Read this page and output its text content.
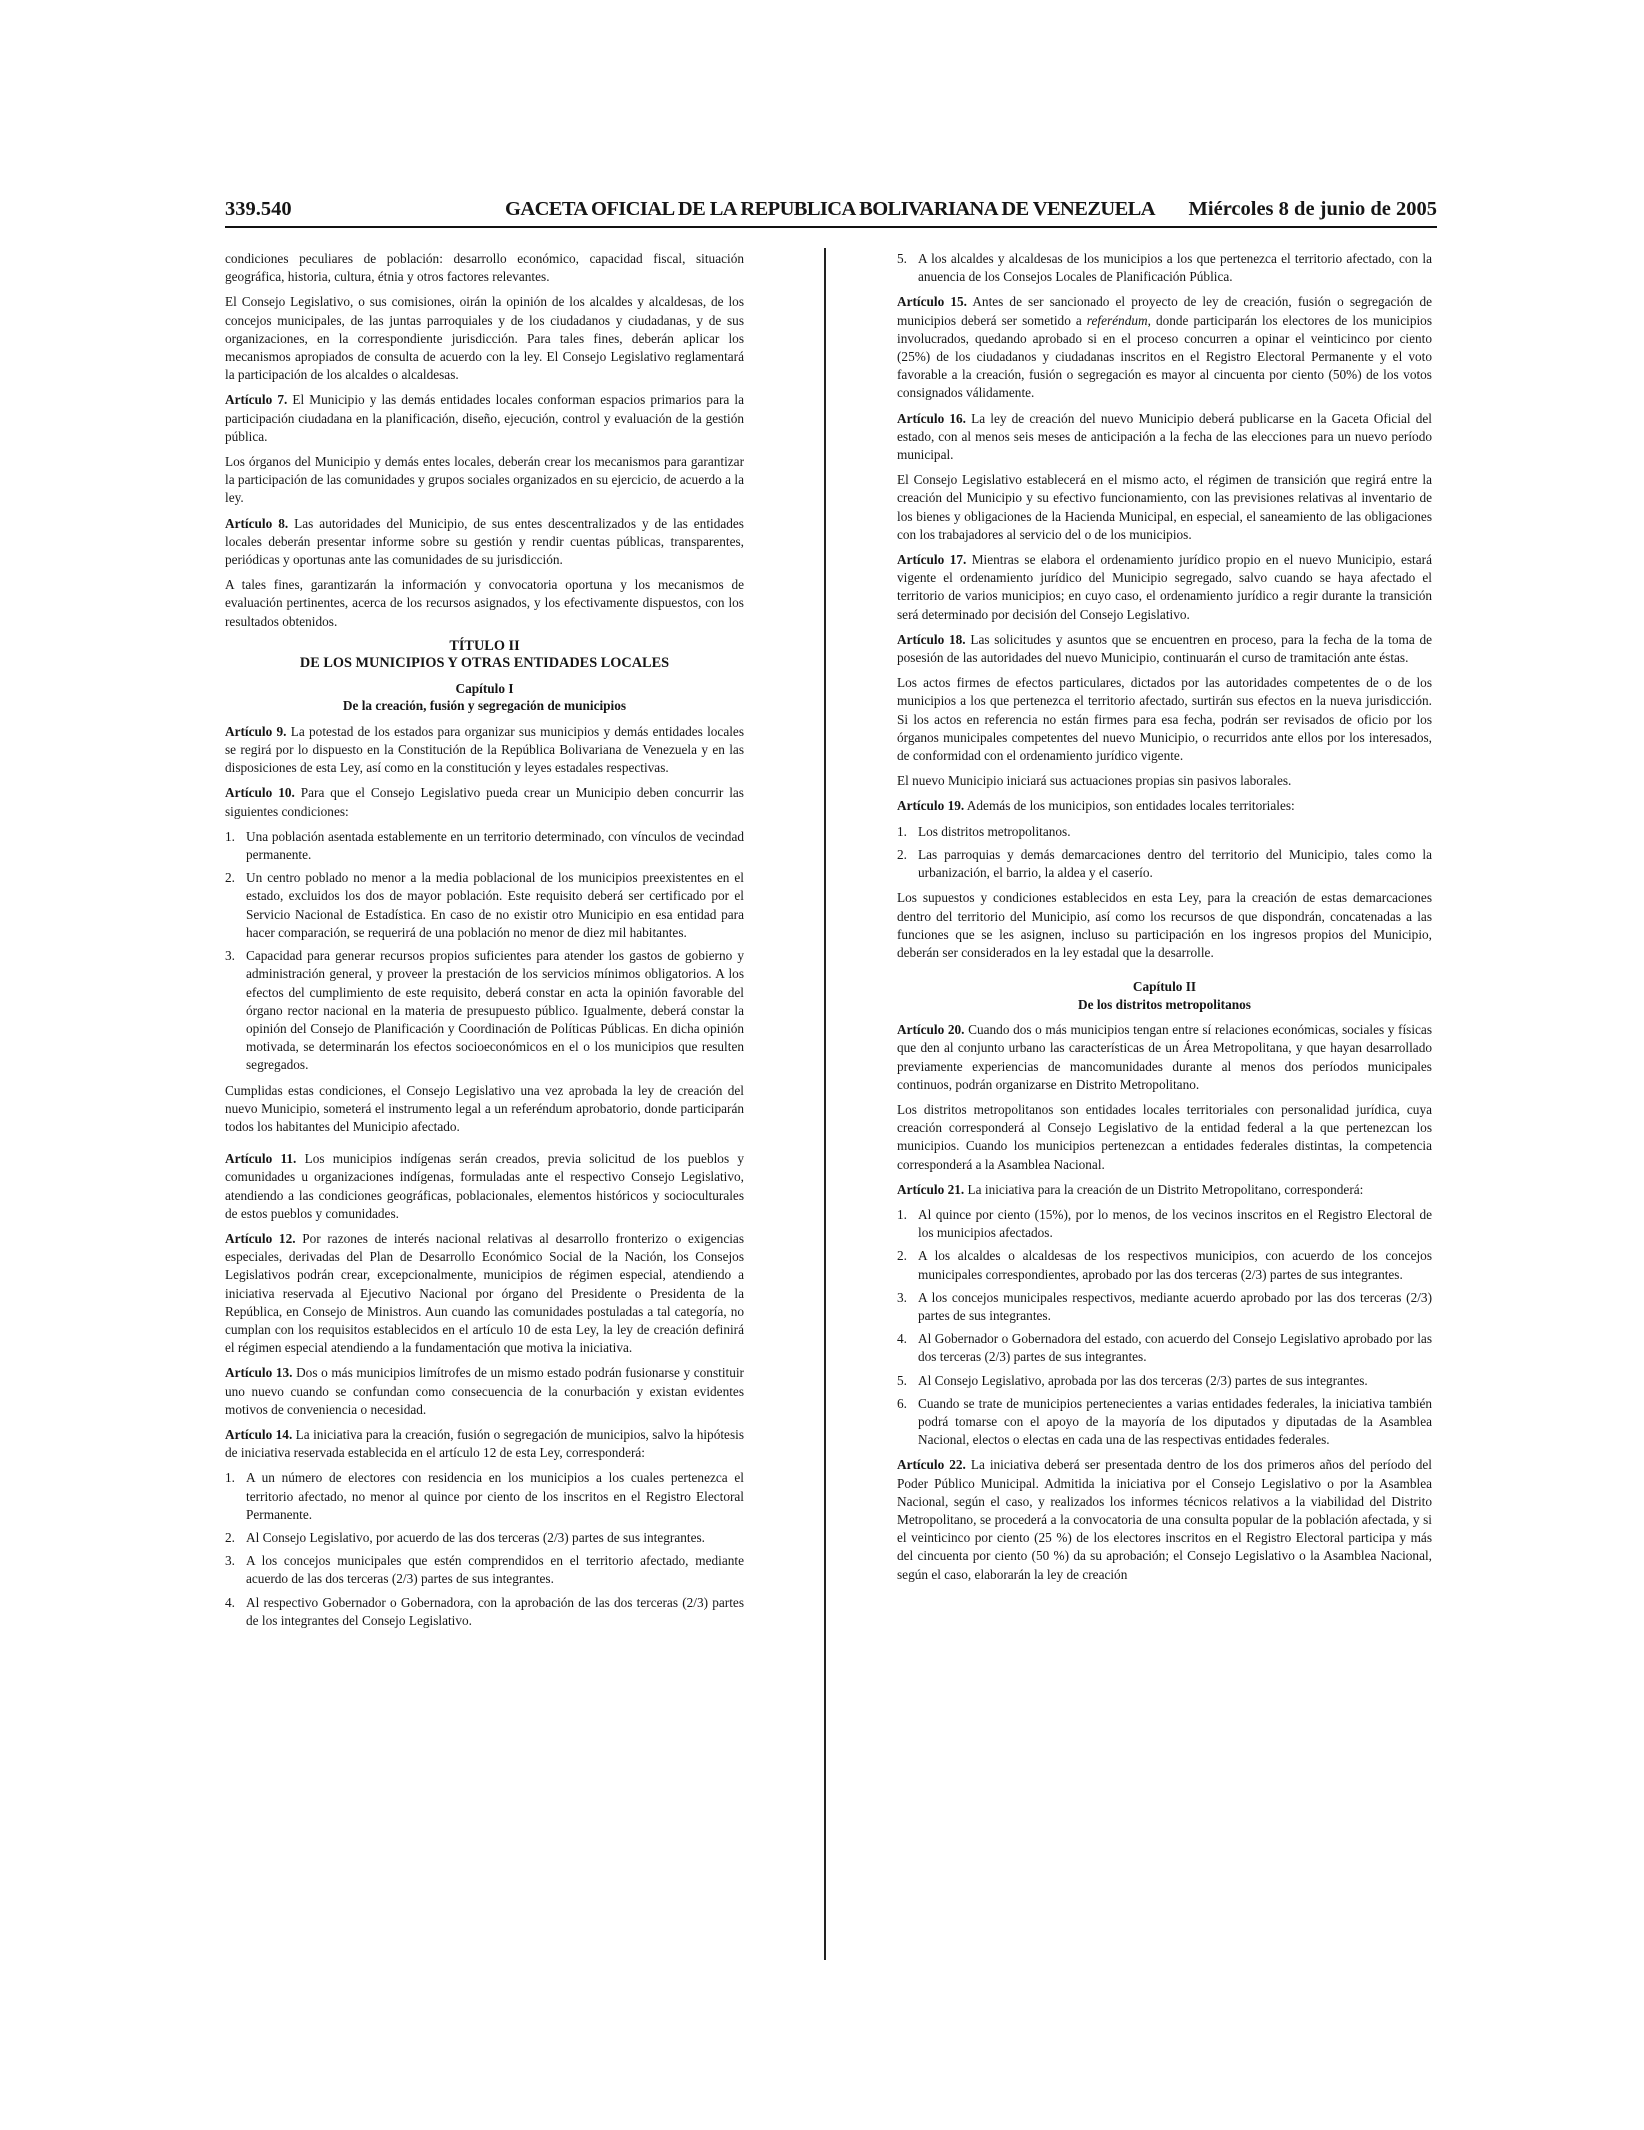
339.540	GACETA OFICIAL DE LA REPUBLICA BOLIVARIANA DE VENEZUELA	Miércoles 8 de junio de 2005

condiciones peculiares de población: desarrollo económico, capacidad fiscal, situación geográfica, historia, cultura, étnia y otros factores relevantes.

El Consejo Legislativo, o sus comisiones, oirán la opinión de los alcaldes y alcaldesas, de los concejos municipales, de las juntas parroquiales y de los ciudadanos y ciudadanas, y de sus organizaciones, en la correspondiente jurisdicción. Para tales fines, deberán aplicar los mecanismos apropiados de consulta de acuerdo con la ley. El Consejo Legislativo reglamentará la participación de los alcaldes o alcaldesas.

Artículo 7. El Municipio y las demás entidades locales conforman espacios primarios para la participación ciudadana en la planificación, diseño, ejecución, control y evaluación de la gestión pública.

Los órganos del Municipio y demás entes locales, deberán crear los mecanismos para garantizar la participación de las comunidades y grupos sociales organizados en su ejercicio, de acuerdo a la ley.

Artículo 8. Las autoridades del Municipio, de sus entes descentralizados y de las entidades locales deberán presentar informe sobre su gestión y rendir cuentas públicas, transparentes, periódicas y oportunas ante las comunidades de su jurisdicción.

A tales fines, garantizarán la información y convocatoria oportuna y los mecanismos de evaluación pertinentes, acerca de los recursos asignados, y los efectivamente dispuestos, con los resultados obtenidos.

TÍTULO II
DE LOS MUNICIPIOS Y OTRAS ENTIDADES LOCALES
Capítulo I
De la creación, fusión y segregación de municipios

Artículo 9. La potestad de los estados para organizar sus municipios y demás entidades locales se regirá por lo dispuesto en la Constitución de la República Bolivariana de Venezuela y en las disposiciones de esta Ley, así como en la constitución y leyes estadales respectivas.

Artículo 10. Para que el Consejo Legislativo pueda crear un Municipio deben concurrir las siguientes condiciones:

1. Una población asentada establemente en un territorio determinado, con vínculos de vecindad permanente.
2. Un centro poblado no menor a la media poblacional de los municipios preexistentes en el estado, excluidos los dos de mayor población. Este requisito deberá ser certificado por el Servicio Nacional de Estadística. En caso de no existir otro Municipio en esa entidad para hacer comparación, se requerirá de una población no menor de diez mil habitantes.
3. Capacidad para generar recursos propios suficientes para atender los gastos de gobierno y administración general, y proveer la prestación de los servicios mínimos obligatorios. A los efectos del cumplimiento de este requisito, deberá constar en acta la opinión favorable del órgano rector nacional en la materia de presupuesto público. Igualmente, deberá constar la opinión del Consejo de Planificación y Coordinación de Políticas Públicas. En dicha opinión motivada, se determinarán los efectos socioeconómicos en el o los municipios que resulten segregados.

Cumplidas estas condiciones, el Consejo Legislativo una vez aprobada la ley de creación del nuevo Municipio, someterá el instrumento legal a un referéndum aprobatorio, donde participarán todos los habitantes del Municipio afectado.

Artículo 11. Los municipios indígenas serán creados, previa solicitud de los pueblos y comunidades u organizaciones indígenas, formuladas ante el respectivo Consejo Legislativo, atendiendo a las condiciones geográficas, poblacionales, elementos históricos y socioculturales de estos pueblos y comunidades.

Artículo 12. Por razones de interés nacional relativas al desarrollo fronterizo o exigencias especiales, derivadas del Plan de Desarrollo Económico Social de la Nación, los Consejos Legislativos podrán crear, excepcionalmente, municipios de régimen especial, atendiendo a iniciativa reservada al Ejecutivo Nacional por órgano del Presidente o Presidenta de la República, en Consejo de Ministros. Aun cuando las comunidades postuladas a tal categoría, no cumplan con los requisitos establecidos en el artículo 10 de esta Ley, la ley de creación definirá el régimen especial atendiendo a la fundamentación que motiva la iniciativa.

Artículo 13. Dos o más municipios limítrofes de un mismo estado podrán fusionarse y constituir uno nuevo cuando se confundan como consecuencia de la conurbación y existan evidentes motivos de conveniencia o necesidad.

Artículo 14. La iniciativa para la creación, fusión o segregación de municipios, salvo la hipótesis de iniciativa reservada establecida en el artículo 12 de esta Ley, corresponderá:

1. A un número de electores con residencia en los municipios a los cuales pertenezca el territorio afectado, no menor al quince por ciento de los inscritos en el Registro Electoral Permanente.
2. Al Consejo Legislativo, por acuerdo de las dos terceras (2/3) partes de sus integrantes.
3. A los concejos municipales que estén comprendidos en el territorio afectado, mediante acuerdo de las dos terceras (2/3) partes de sus integrantes.
4. Al respectivo Gobernador o Gobernadora, con la aprobación de las dos terceras (2/3) partes de los integrantes del Consejo Legislativo.
5. A los alcaldes y alcaldesas de los municipios a los que pertenezca el territorio afectado, con la anuencia de los Consejos Locales de Planificación Pública.

Artículo 15. Antes de ser sancionado el proyecto de ley de creación, fusión o segregación de municipios deberá ser sometido a referéndum, donde participarán los electores de los municipios involucrados, quedando aprobado si en el proceso concurren a opinar el veinticinco por ciento (25%) de los ciudadanos y ciudadanas inscritos en el Registro Electoral Permanente y el voto favorable a la creación, fusión o segregación es mayor al cincuenta por ciento (50%) de los votos consignados válidamente.

Artículo 16. La ley de creación del nuevo Municipio deberá publicarse en la Gaceta Oficial del estado, con al menos seis meses de anticipación a la fecha de las elecciones para un nuevo período municipal.

El Consejo Legislativo establecerá en el mismo acto, el régimen de transición que regirá entre la creación del Municipio y su efectivo funcionamiento, con las previsiones relativas al inventario de los bienes y obligaciones de la Hacienda Municipal, en especial, el saneamiento de las obligaciones con los trabajadores al servicio del o de los municipios.

Artículo 17. Mientras se elabora el ordenamiento jurídico propio en el nuevo Municipio, estará vigente el ordenamiento jurídico del Municipio segregado, salvo cuando se haya afectado el territorio de varios municipios; en cuyo caso, el ordenamiento jurídico a regir durante la transición será determinado por decisión del Consejo Legislativo.

Artículo 18. Las solicitudes y asuntos que se encuentren en proceso, para la fecha de la toma de posesión de las autoridades del nuevo Municipio, continuarán el curso de tramitación ante éstas.

Los actos firmes de efectos particulares, dictados por las autoridades competentes de o de los municipios a los que pertenezca el territorio afectado, surtirán sus efectos en la nueva jurisdicción. Si los actos en referencia no están firmes para esa fecha, podrán ser revisados de oficio por los órganos municipales competentes del nuevo Municipio, o recurridos ante ellos por los interesados, de conformidad con el ordenamiento jurídico vigente.

El nuevo Municipio iniciará sus actuaciones propias sin pasivos laborales.

Artículo 19. Además de los municipios, son entidades locales territoriales:

1. Los distritos metropolitanos.
2. Las parroquias y demás demarcaciones dentro del territorio del Municipio, tales como la urbanización, el barrio, la aldea y el caserío.

Los supuestos y condiciones establecidos en esta Ley, para la creación de estas demarcaciones dentro del territorio del Municipio, así como los recursos de que dispondrán, concatenadas a las funciones que se les asignen, incluso su participación en los ingresos propios del Municipio, deberán ser considerados en la ley estadal que la desarrolle.

Capítulo II
De los distritos metropolitanos

Artículo 20. Cuando dos o más municipios tengan entre sí relaciones económicas, sociales y físicas que den al conjunto urbano las características de un Área Metropolitana, y que hayan desarrollado previamente experiencias de mancomunidades durante al menos dos períodos municipales continuos, podrán organizarse en Distrito Metropolitano.

Los distritos metropolitanos son entidades locales territoriales con personalidad jurídica, cuya creación corresponderá al Consejo Legislativo de la entidad federal a la que pertenezcan los municipios. Cuando los municipios pertenezcan a entidades federales distintas, la competencia corresponderá a la Asamblea Nacional.

Artículo 21. La iniciativa para la creación de un Distrito Metropolitano, corresponderá:

1. Al quince por ciento (15%), por lo menos, de los vecinos inscritos en el Registro Electoral de los municipios afectados.
2. A los alcaldes o alcaldesas de los respectivos municipios, con acuerdo de los concejos municipales correspondientes, aprobado por las dos terceras (2/3) partes de sus integrantes.
3. A los concejos municipales respectivos, mediante acuerdo aprobado por las dos terceras (2/3) partes de sus integrantes.
4. Al Gobernador o Gobernadora del estado, con acuerdo del Consejo Legislativo aprobado por las dos terceras (2/3) partes de sus integrantes.
5. Al Consejo Legislativo, aprobada por las dos terceras (2/3) partes de sus integrantes.
6. Cuando se trate de municipios pertenecientes a varias entidades federales, la iniciativa también podrá tomarse con el apoyo de la mayoría de los diputados y diputadas de la Asamblea Nacional, electos o electas en cada una de las respectivas entidades federales.

Artículo 22. La iniciativa deberá ser presentada dentro de los dos primeros años del período del Poder Público Municipal. Admitida la iniciativa por el Consejo Legislativo o por la Asamblea Nacional, según el caso, y realizados los informes técnicos relativos a la viabilidad del Distrito Metropolitano, se procederá a la convocatoria de una consulta popular de la población afectada, y si el veinticinco por ciento (25 %) de los electores inscritos en el Registro Electoral participa y más del cincuenta por ciento (50 %) da su aprobación; el Consejo Legislativo o la Asamblea Nacional, según el caso, elaborarán la ley de creación
